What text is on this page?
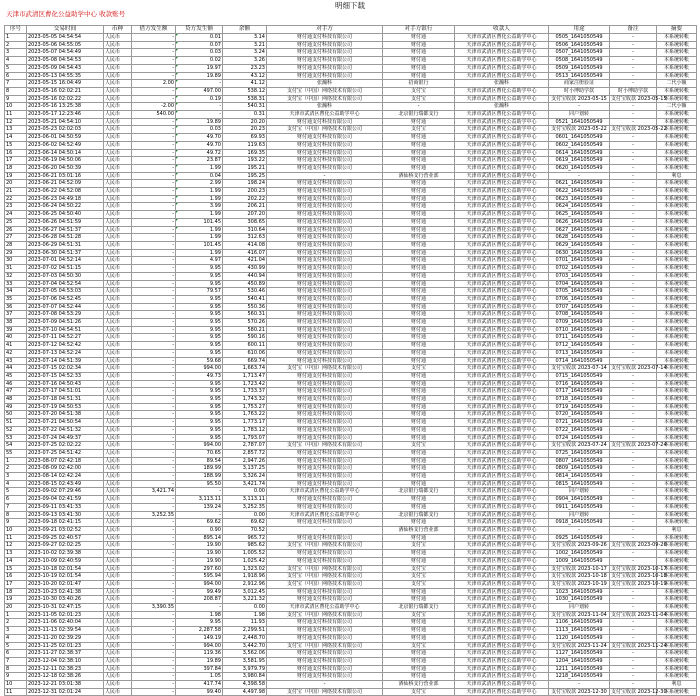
明细下载
天津市武清区曹化公益助学中心 收款账号
序号	交易时间	币种	借方发生额	贷方发生额	余额	对手方	对手方银行	收款人	用途	备注	摘要
1	2023-05-05 04:54:54	人民币	-	0.01	3.14	财付通支付科技有限公司	财付通	天津市武清区曹化公益助学中心	0505_1641050549	-	本系统转帐
2	2023-05-06 04:55:05	人民币	-	0.07	3.21	财付通支付科技有限公司	财付通	天津市武清区曹化公益助学中心	0506_1641050549	-	本系统转帐
3	2023-05-07 04:54:49	人民币	-	0.03	3.24	财付通支付科技有限公司	财付通	天津市武清区曹化公益助学中心	0507_1641050549	-	本系统转帐
4	2023-05-08 04:54:53	人民币	-	0.02	3.26	财付通支付科技有限公司	财付通	天津市武清区曹化公益助学中心	0508_1641050549	-	本系统转帐
5	2023-05-09 04:54:43	人民币	-	19.97	23.23	财付通支付科技有限公司	财付通	天津市武清区曹化公益助学中心	0509_1641050549	-	本系统转帐
6	2023-05-13 04:55:35	人民币	-	19.89	43.12	财付通支付科技有限公司	财付通	天津市武清区曹化公益助学中心	0513_1641050549	-	本系统转帐
7	2023-05-15 16:04:49	人民币	2.00	-	41.12	张瀚科	招商银行	张瀚科	商家注册验证	-	二代小额
8	2023-05-16 02:02:21	人民币	-	497.00	538.12	支付宝（中国）网络技术有限公司	支付宝	天津市武清区曹化公益助学中心	时小博助学款	时小博助学款	本系统转帐
9	2023-05-16 02:02:22	人民币	-	0.19	538.31	支付宝（中国）网络技术有限公司	支付宝	天津市武清区曹化公益助学中心	支付宝收款 2023-05-15	支付宝收款 2023-05-15	本系统转帐
10	2023-05-16 13:25:38	人民币	-2.00	-	540.31	张瀚科	-	张瀚科	-	-	二代小额
11	2023-05-17 12:23:46	人民币	540.00	-	0.31	天津市武清区曹化公益助学中心	北京银行瑞都支行	天津市武清区曹化公益助学中心	同户划转	-	本系统转帐
12	2023-05-21 04:54:10	人民币	-	19.89	20.20	财付通支付科技有限公司	财付通	天津市武清区曹化公益助学中心	0521_1641050549	-	本系统转帐
13	2023-05-23 02:02:03	人民币	-	0.03	20.23	支付宝（中国）网络技术有限公司	支付宝	天津市武清区曹化公益助学中心	支付宝收款 2023-05-22	支付宝收款 2023-05-22	本系统转帐
14	2023-06-01 04:50:59	人民币	-	49.70	69.93	财付通支付科技有限公司	财付通	天津市武清区曹化公益助学中心	0601_1641050549	-	本系统转帐
15	2023-06-02 04:52:49	人民币	-	49.70	119.63	财付通支付科技有限公司	财付通	天津市武清区曹化公益助学中心	0602_1641050549	-	本系统转帐
16	2023-06-14 04:50:14	人民币	-	49.72	169.35	财付通支付科技有限公司	财付通	天津市武清区曹化公益助学中心	0614_1641050549	-	本系统转帐
17	2023-06-19 04:50:06	人民币	-	23.87	193.22	财付通支付科技有限公司	财付通	天津市武清区曹化公益助学中心	0619_1641050549	-	本系统转帐
18	2023-06-20 04:50:39	人民币	-	1.99	195.21	财付通支付科技有限公司	财付通	天津市武清区曹化公益助学中心	0620_1641050549	-	本系统转帐
19	2023-06-21 03:01:16	人民币	-	0.04	195.25	-	酒仙桥支行营业部	天津市武清区曹化公益助学中心	-	-	利息
20	2023-06-21 04:52:09	人民币	-	2.99	198.24	财付通支付科技有限公司	财付通	天津市武清区曹化公益助学中心	0621_1641050549	-	本系统转帐
21	2023-06-22 04:52:08	人民币	-	1.99	200.23	财付通支付科技有限公司	财付通	天津市武清区曹化公益助学中心	0622_1641050549	-	本系统转帐
22	2023-06-23 04:49:18	人民币	-	1.99	202.22	财付通支付科技有限公司	财付通	天津市武清区曹化公益助学中心	0623_1641050549	-	本系统转帐
23	2023-06-24 04:50:22	人民币	-	3.99	206.21	财付通支付科技有限公司	财付通	天津市武清区曹化公益助学中心	0624_1641050549	-	本系统转帐
24	2023-06-25 04:50:40	人民币	-	1.99	207.20	财付通支付科技有限公司	财付通	天津市武清区曹化公益助学中心	0625_1641050549	-	本系统转帐
25	2023-06-26 04:51:59	人民币	-	101.45	308.65	财付通支付科技有限公司	财付通	天津市武清区曹化公益助学中心	0626_1641050549	-	本系统转帐
26	2023-06-27 04:51:37	人民币	-	1.99	310.64	财付通支付科技有限公司	财付通	天津市武清区曹化公益助学中心	0627_1641050549	-	本系统转帐
27	2023-06-28 04:51:28	人民币	-	1.99	312.63	财付通支付科技有限公司	财付通	天津市武清区曹化公益助学中心	0628_1641050549	-	本系统转帐
28	2023-06-29 04:51:31	人民币	-	101.45	414.08	财付通支付科技有限公司	财付通	天津市武清区曹化公益助学中心	0629_1641050549	-	本系统转帐
29	2023-06-30 04:51:37	人民币	-	1.99	416.07	财付通支付科技有限公司	财付通	天津市武清区曹化公益助学中心	0630_1641050549	-	本系统转帐
30	2023-07-01 04:52:14	人民币	-	4.97	421.04	财付通支付科技有限公司	财付通	天津市武清区曹化公益助学中心	0701_1641050549	-	本系统转帐
31	2023-07-02 04:51:15	人民币	-	9.95	430.99	财付通支付科技有限公司	财付通	天津市武清区曹化公益助学中心	0702_1641050549	-	本系统转帐
32	2023-07-03 04:50:30	人民币	-	9.95	440.94	财付通支付科技有限公司	财付通	天津市武清区曹化公益助学中心	0703_1641050549	-	本系统转帐
33	2023-07-04 04:52:54	人民币	-	9.95	450.89	财付通支付科技有限公司	财付通	天津市武清区曹化公益助学中心	0704_1641050549	-	本系统转帐
34	2023-07-05 04:53:03	人民币	-	79.57	530.46	财付通支付科技有限公司	财付通	天津市武清区曹化公益助学中心	0705_1641050549	-	本系统转帐
35	2023-07-06 04:52:45	人民币	-	9.95	540.41	财付通支付科技有限公司	财付通	天津市武清区曹化公益助学中心	0706_1641050549	-	本系统转帐
36	2023-07-07 04:52:44	人民币	-	9.95	550.36	财付通支付科技有限公司	财付通	天津市武清区曹化公益助学中心	0707_1641050549	-	本系统转帐
37	2023-07-08 04:53:29	人民币	-	9.95	560.31	财付通支付科技有限公司	财付通	天津市武清区曹化公益助学中心	0708_1641050549	-	本系统转帐
38	2023-07-09 04:51:26	人民币	-	9.95	570.26	财付通支付科技有限公司	财付通	天津市武清区曹化公益助学中心	0709_1641050549	-	本系统转帐
39	2023-07-10 04:54:51	人民币	-	9.95	580.21	财付通支付科技有限公司	财付通	天津市武清区曹化公益助学中心	0710_1641050549	-	本系统转帐
40	2023-07-11 04:52:27	人民币	-	9.95	590.16	财付通支付科技有限公司	财付通	天津市武清区曹化公益助学中心	0711_1641050549	-	本系统转帐
41	2023-07-12 04:52:42	人民币	-	9.95	600.11	财付通支付科技有限公司	财付通	天津市武清区曹化公益助学中心	0712_1641050549	-	本系统转帐
42	2023-07-13 04:52:24	人民币	-	9.95	610.06	财付通支付科技有限公司	财付通	天津市武清区曹化公益助学中心	0713_1641050549	-	本系统转帐
43	2023-07-14 04:51:39	人民币	-	59.68	669.74	财付通支付科技有限公司	财付通	天津市武清区曹化公益助学中心	0714_1641050549	-	本系统转帐
44	2023-07-15 02:02:34	人民币	-	994.00	1,663.74	支付宝（中国）网络技术有限公司	支付宝	天津市武清区曹化公益助学中心	支付宝收款 2023-07-14	支付宝收款 2023-07-14	本系统转帐
45	2023-07-15 04:52:33	人民币	-	49.73	1,713.47	财付通支付科技有限公司	财付通	天津市武清区曹化公益助学中心	0715_1641050549	-	本系统转帐
46	2023-07-16 04:50:43	人民币	-	9.95	1,723.42	财付通支付科技有限公司	财付通	天津市武清区曹化公益助学中心	0716_1641050549	-	本系统转帐
47	2023-07-17 04:51:01	人民币	-	9.95	1,733.37	财付通支付科技有限公司	财付通	天津市武清区曹化公益助学中心	0717_1641050549	-	本系统转帐
48	2023-07-18 04:51:31	人民币	-	9.95	1,743.32	财付通支付科技有限公司	财付通	天津市武清区曹化公益助学中心	0718_1641050549	-	本系统转帐
49	2023-07-19 04:50:53	人民币	-	9.95	1,753.27	财付通支付科技有限公司	财付通	天津市武清区曹化公益助学中心	0719_1641050549	-	本系统转帐
50	2023-07-20 04:51:38	人民币	-	9.95	1,763.22	财付通支付科技有限公司	财付通	天津市武清区曹化公益助学中心	0720_1641050549	-	本系统转帐
51	2023-07-21 04:50:54	人民币	-	9.95	1,773.17	财付通支付科技有限公司	财付通	天津市武清区曹化公益助学中心	0721_1641050549	-	本系统转帐
52	2023-07-22 04:51:32	人民币	-	9.95	1,783.12	财付通支付科技有限公司	财付通	天津市武清区曹化公益助学中心	0722_1641050549	-	本系统转帐
53	2023-07-24 04:49:37	人民币	-	9.95	1,793.07	财付通支付科技有限公司	财付通	天津市武清区曹化公益助学中心	0724_1641050549	-	本系统转帐
54	2023-07-25 02:02:22	人民币	-	994.00	2,787.07	支付宝（中国）网络技术有限公司	支付宝	天津市武清区曹化公益助学中心	支付宝收款 2023-07-24	支付宝收款 2023-07-24	本系统转帐
55	2023-07-25 04:51:42	人民币	-	70.65	2,857.72	财付通支付科技有限公司	财付通	天津市武清区曹化公益助学中心	0725_1641050549	-	本系统转帐
1	2023-08-07 02:42:18	人民币	-	89.54	2,947.26	财付通支付科技有限公司	财付通	天津市武清区曹化公益助学中心	0807_1641050549	-	本系统转帐
2	2023-08-09 02:42:00	人民币	-	189.99	3,137.25	财付通支付科技有限公司	财付通	天津市武清区曹化公益助学中心	0809_1641050549	-	本系统转帐
3	2023-08-14 02:42:24	人民币	-	188.99	3,326.24	财付通支付科技有限公司	财付通	天津市武清区曹化公益助学中心	0814_1641050549	-	本系统转帐
4	2023-08-15 02:43:49	人民币	-	95.50	3,421.74	财付通支付科技有限公司	财付通	天津市武清区曹化公益助学中心	0815_1641050549	-	本系统转帐
5	2023-09-02 07:29:46	人民币	3,421.74	-	0.00	天津市武清区曹化公益助学中心	北京银行瑞都支行	天津市武清区曹化公益助学中心	同户划转	-	本系统转帐
6	2023-09-04 02:41:59	人民币	-	3,113.11	3,113.11	财付通支付科技有限公司	财付通	天津市武清区曹化公益助学中心	0904_1641050549	-	本系统转帐
7	2023-09-11 03:41:33	人民币	-	139.24	3,252.35	财付通支付科技有限公司	财付通	天津市武清区曹化公益助学中心	0911_1641050549	-	本系统转帐
8	2023-09-13 03:41:30	人民币	3,252.35	-	0.00	天津市武清区曹化公益助学中心	北京银行瑞都支行	天津市武清区曹化公益助学中心	同户划转	-	本系统转帐
9	2023-09-18 02:41:15	人民币	-	69.62	69.62	财付通支付科技有限公司	财付通	天津市武清区曹化公益助学中心	0918_1641050549	-	本系统转帐
10	2023-09-21 03:02:52	人民币	-	0.90	70.52	-	酒仙桥支行营业部	天津市武清区曹化公益助学中心	-	-	利息
11	2023-09-25 02:40:57	人民币	-	895.14	965.72	财付通支付科技有限公司	财付通	天津市武清区曹化公益助学中心	0925_1641050549	-	本系统转帐
12	2023-09-27 02:02:25	人民币	-	19.90	985.62	支付宝（中国）网络技术有限公司	支付宝	天津市武清区曹化公益助学中心	支付宝收款 2023-09-26	支付宝收款 2023-09-26	本系统转帐
13	2023-10-02 02:39:38	人民币	-	19.90	1,005.52	财付通支付科技有限公司	财付通	天津市武清区曹化公益助学中心	1002_1641050549	-	本系统转帐
14	2023-10-09 02:40:59	人民币	-	19.90	1,025.42	财付通支付科技有限公司	财付通	天津市武清区曹化公益助学中心	1009_1641050549	-	本系统转帐
15	2023-10-18 02:01:54	人民币	-	297.60	1,323.02	支付宝（中国）网络技术有限公司	支付宝	天津市武清区曹化公益助学中心	支付宝收款 2023-10-17	支付宝收款 2023-10-17	本系统转帐
16	2023-10-19 02:01:54	人民币	-	595.94	1,918.96	支付宝（中国）网络技术有限公司	支付宝	天津市武清区曹化公益助学中心	支付宝收款 2023-10-18	支付宝收款 2023-10-18	本系统转帐
17	2023-10-20 02:01:47	人民币	-	994.00	2,912.96	支付宝（中国）网络技术有限公司	支付宝	天津市武清区曹化公益助学中心	支付宝收款 2023-10-19	支付宝收款 2023-10-19	本系统转帐
18	2023-10-23 02:41:38	人民币	-	99.49	3,012.45	财付通支付科技有限公司	财付通	天津市武清区曹化公益助学中心	1023_1641050549	-	本系统转帐
19	2023-10-30 03:40:26	人民币	-	208.87	3,221.32	财付通支付科技有限公司	财付通	天津市武清区曹化公益助学中心	1030_1641050549	-	本系统转帐
20	2023-10-31 02:47:15	人民币	3,390.35	-	0.00	天津市武清区曹化公益助学中心	北京银行瑞都支行	天津市武清区曹化公益助学中心	同户划转	-	本系统转帐
1	2023-11-05 02:01:23	人民币	-	1.98	1.98	支付宝（中国）网络技术有限公司	支付宝	天津市武清区曹化公益助学中心	支付宝收款 2023-11-04	支付宝收款 2023-11-04	本系统转帐
2	2023-11-06 02:40:04	人民币	-	9.95	11.93	财付通支付科技有限公司	财付通	天津市武清区曹化公益助学中心	1106_1641050549	-	本系统转帐
3	2023-11-13 02:39:54	人民币	-	2,287.58	2,299.51	财付通支付科技有限公司	财付通	天津市武清区曹化公益助学中心	1113_1641050549	-	本系统转帐
4	2023-11-20 02:39:29	人民币	-	149.19	2,448.70	财付通支付科技有限公司	财付通	天津市武清区曹化公益助学中心	1120_1641050549	-	本系统转帐
5	2023-11-25 02:01:23	人民币	-	994.00	3,442.70	支付宝（中国）网络技术有限公司	支付宝	天津市武清区曹化公益助学中心	支付宝收款 2023-11-24	支付宝收款 2023-11-24	本系统转帐
6	2023-11-27 02:38:37	人民币	-	119.36	3,562.06	财付通支付科技有限公司	财付通	天津市武清区曹化公益助学中心	1127_1641050549	-	本系统转帐
7	2023-12-04 02:38:10	人民币	-	19.89	3,581.95	财付通支付科技有限公司	财付通	天津市武清区曹化公益助学中心	1204_1641050549	-	本系统转帐
8	2023-12-11 02:38:23	人民币	-	397.84	3,979.79	财付通支付科技有限公司	财付通	天津市武清区曹化公益助学中心	1211_1641050549	-	本系统转帐
9	2023-12-18 02:38:26	人民币	-	1.05	3,980.84	财付通支付科技有限公司	财付通	天津市武清区曹化公益助学中心	1218_1641050549	-	本系统转帐
10	2023-12-21 03:01:38	人民币	-	417.74	4,398.58	-	酒仙桥支行营业部	天津市武清区曹化公益助学中心	-	-	利息
11	2023-12-31 02:01:24	人民币	-	99.40	4,497.98	支付宝（中国）网络技术有限公司	支付宝	天津市武清区曹化公益助学中心	支付宝收款 2023-12-30	支付宝收款 2023-12-30	本系统转帐
